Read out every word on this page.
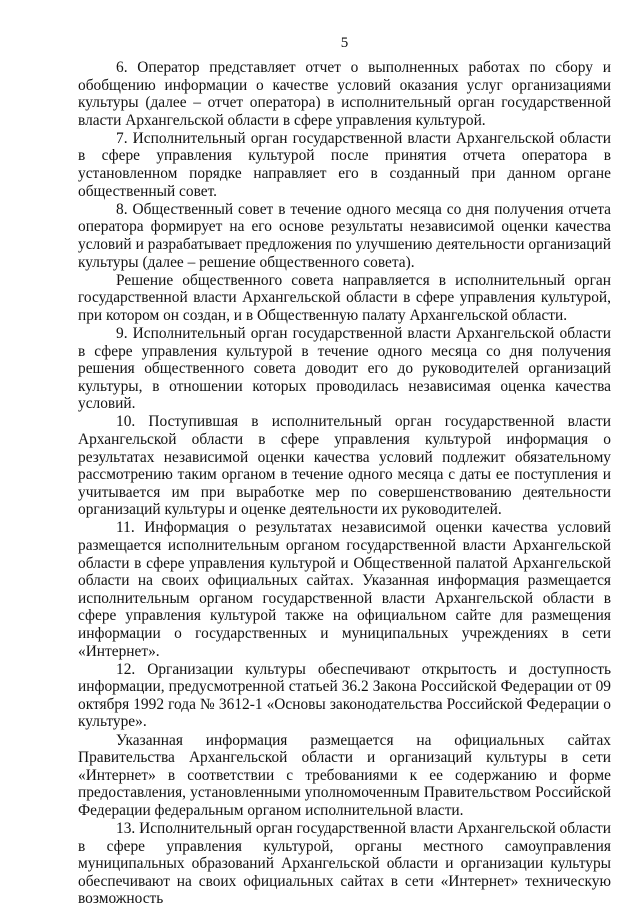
5

6. Оператор представляет отчет о выполненных работах по сбору и обобщению информации о качестве условий оказания услуг организациями культуры (далее – отчет оператора) в исполнительный орган государственной власти Архангельской области в сфере управления культурой.

7. Исполнительный орган государственной власти Архангельской области в сфере управления культурой после принятия отчета оператора в установленном порядке направляет его в созданный при данном органе общественный совет.

8. Общественный совет в течение одного месяца со дня получения отчета оператора формирует на его основе результаты независимой оценки качества условий и разрабатывает предложения по улучшению деятельности организаций культуры (далее – решение общественного совета).

Решение общественного совета направляется в исполнительный орган государственной власти Архангельской области в сфере управления культурой, при котором он создан, и в Общественную палату Архангельской области.

9. Исполнительный орган государственной власти Архангельской области в сфере управления культурой в течение одного месяца со дня получения решения общественного совета доводит его до руководителей организаций культуры, в отношении которых проводилась независимая оценка качества условий.

10. Поступившая в исполнительный орган государственной власти Архангельской области в сфере управления культурой информация о результатах независимой оценки качества условий подлежит обязательному рассмотрению таким органом в течение одного месяца с даты ее поступления и учитывается им при выработке мер по совершенствованию деятельности организаций культуры и оценке деятельности их руководителей.

11. Информация о результатах независимой оценки качества условий размещается исполнительным органом государственной власти Архангельской области в сфере управления культурой и Общественной палатой Архангельской области на своих официальных сайтах. Указанная информация размещается исполнительным органом государственной власти Архангельской области в сфере управления культурой также на официальном сайте для размещения информации о государственных и муниципальных учреждениях в сети «Интернет».

12. Организации культуры обеспечивают открытость и доступность информации, предусмотренной статьей 36.2 Закона Российской Федерации от 09 октября 1992 года № 3612-1 «Основы законодательства Российской Федерации о культуре».

Указанная информация размещается на официальных сайтах Правительства Архангельской области и организаций культуры в сети «Интернет» в соответствии с требованиями к ее содержанию и форме предоставления, установленными уполномоченным Правительством Российской Федерации федеральным органом исполнительной власти.

13. Исполнительный орган государственной власти Архангельской области в сфере управления культурой, органы местного самоуправления муниципальных образований Архангельской области и организации культуры обеспечивают на своих официальных сайтах в сети «Интернет» техническую возможность
